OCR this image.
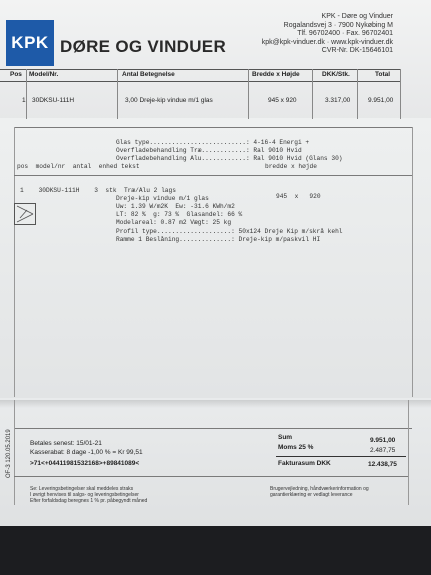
KPK DØRE OG VINDUER
KPK - Døre og Vinduer
Rogalandsvej 3 · 7900 Nykøbing M
Tlf. 96702400 · Fax. 96702401
kpk@kpk-vinduer.dk · www.kpk-vinduer.dk
CVR-Nr. DK-15646101
Pos Model/Nr.	Antal Betegnelse	Bredde x Højde	DKK/Stk.	Total
1 30DKSU-111H	3,00 Dreje-kip vindue m/1 glas	945 x 920	3.317,00	9.951,00
Glas type..........................: 4-16-4 Energi +
Overfladebehandling Træ............: Ral 9010 Hvid
Overfladebehandling Alu............: Ral 9010 Hvid (Glans 30)
pos  model/nr  antal  enhed tekst	bredde x højde
1    30DKSU-111H    3  stk  Træ/Alu 2 lags
945  x   920
Dreje-kip vindue m/1 glas
Uw: 1.39 W/m2K  Ew: -31.6 KWh/m2
LT: 82 %  g: 73 %  Glasandel: 66 %
Modelareal: 0.87 m2 Vægt: 25 kg
Profil type....................: 50x124 Dreje Kip m/skrå kehl
Ramme 1 Beslåning..............: Dreje-kip m/paskvil HI
Betales senest: 15/01-21
Kasserabat: 8 dage -1,00 % = Kr 99,51
>71<+04411981532168>+89841089<
Sum	9.951,00
Moms 25 %	2.487,75
Fakturasum DKK	12.438,75
Se: Leveringsbetingelser skal meddeles straks
I øvrigt henvises til salgs- og leveringsbetingelser
Efter forfaldsdag beregnes 1 % pr. påbegyndt måned
Brugervejledning, håndværkerinformation og
garantierklæring er vedlagt leverance
OF-3 120.05.2019
